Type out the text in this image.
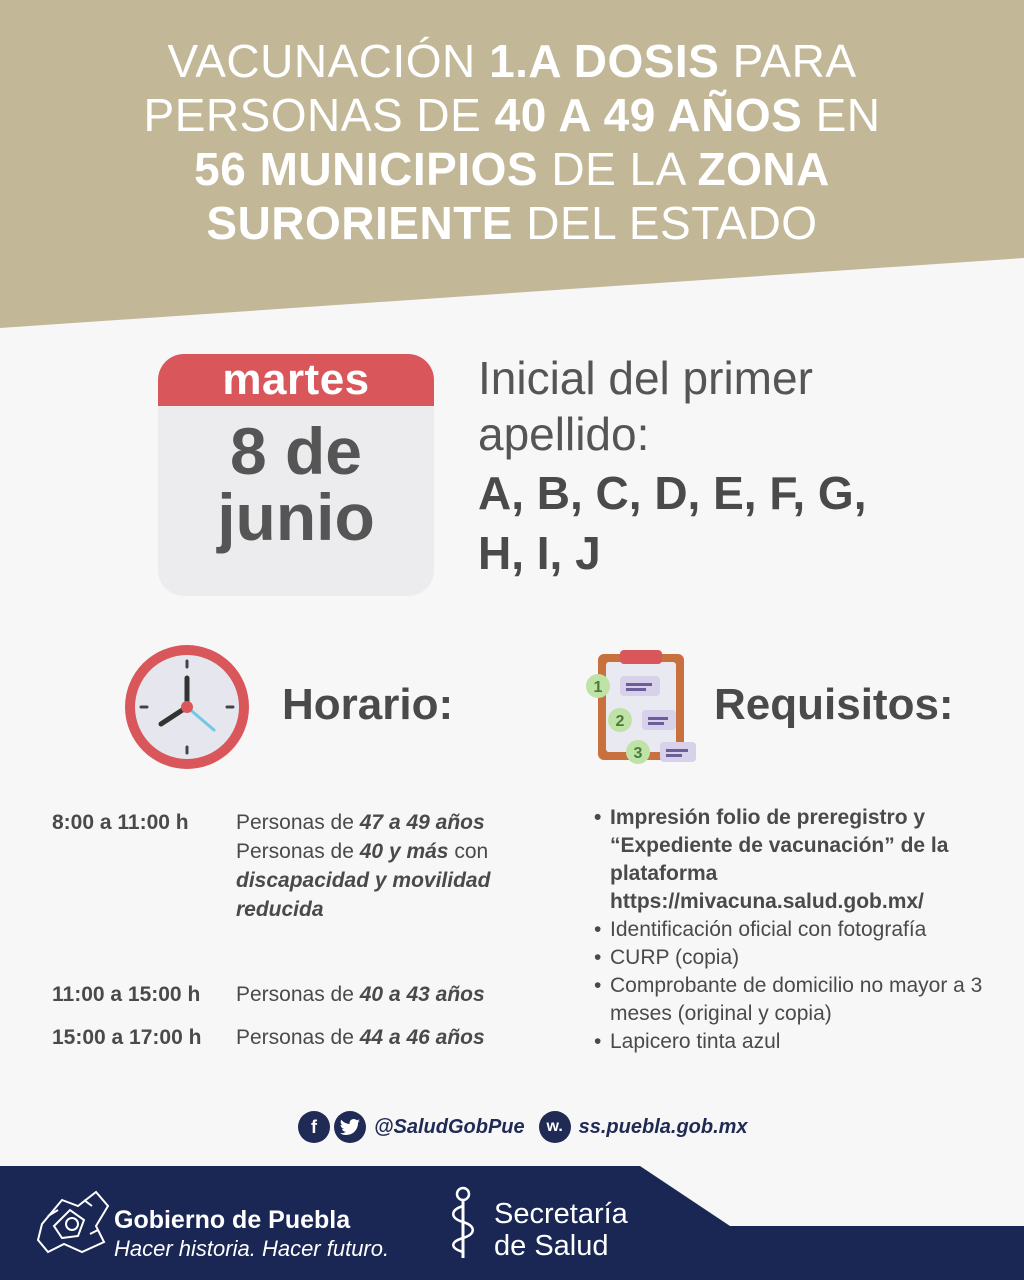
VACUNACIÓN 1.A DOSIS PARA
PERSONAS DE 40 A 49 AÑOS EN
56 MUNICIPIOS DE LA ZONA
SURORIENTE DEL ESTADO
martes
8 de
junio
Inicial del primer
apellido:
A, B, C, D, E, F, G,
H, I, J
Horario:	1
2
3
Requisitos:
8:00 a 11:00 h Personas de 47 a 49 años
Personas de 40 y más con discapacidad y movilidad reducida
11:00 a 15:00 h Personas de 40 a 43 años
15:00 a 17:00 h Personas de 44 a 46 años
• Impresión folio de preregistro y “Expediente de vacunación” de la plataforma https://mivacuna.salud.gob.mx/
• Identificación oficial con fotografía
• CURP (copia)
• Comprobante de domicilio no mayor a 3 meses (original y copia)
• Lapicero tinta azul
f	@SaludGobPue	w. ss.puebla.gob.mx
Gobierno de Puebla
Hacer historia. Hacer futuro.
Secretaría
de Salud
